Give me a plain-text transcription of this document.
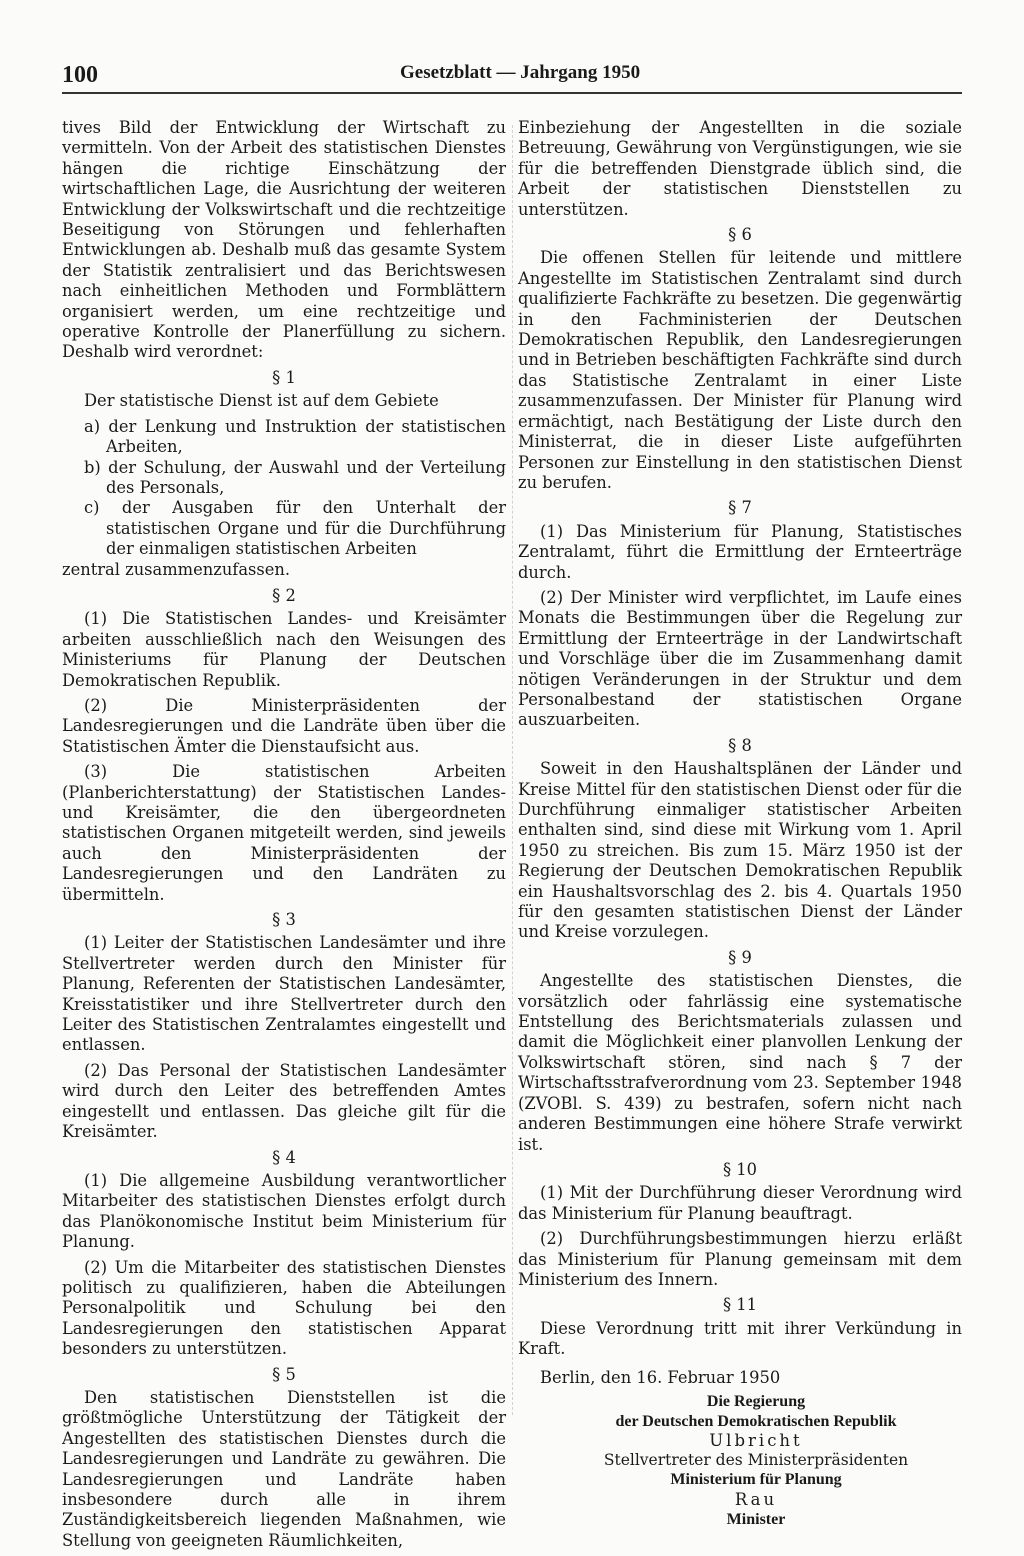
100	Gesetzblatt — Jahrgang 1950

tives Bild der Entwicklung der Wirtschaft zu vermitteln. Von der Arbeit des statistischen Dienstes hängen die richtige Einschätzung der wirtschaftlichen Lage, die Ausrichtung der weiteren Entwicklung der Volkswirtschaft und die rechtzeitige Beseitigung von Störungen und fehlerhaften Entwicklungen ab. Deshalb muß das gesamte System der Statistik zentralisiert und das Berichtswesen nach einheitlichen Methoden und Formblättern organisiert werden, um eine rechtzeitige und operative Kontrolle der Planerfüllung zu sichern. Deshalb wird verordnet:

§ 1

Der statistische Dienst ist auf dem Gebiete

a) der Lenkung und Instruktion der statistischen Arbeiten,
b) der Schulung, der Auswahl und der Verteilung des Personals,
c) der Ausgaben für den Unterhalt der statistischen Organe und für die Durchführung der einmaligen statistischen Arbeiten

zentral zusammenzufassen.

§ 2

(1) Die Statistischen Landes- und Kreisämter arbeiten ausschließlich nach den Weisungen des Ministeriums für Planung der Deutschen Demokratischen Republik.

(2) Die Ministerpräsidenten der Landesregierungen und die Landräte üben über die Statistischen Ämter die Dienstaufsicht aus.

(3) Die statistischen Arbeiten (Planberichterstattung) der Statistischen Landes- und Kreisämter, die den übergeordneten statistischen Organen mitgeteilt werden, sind jeweils auch den Ministerpräsidenten der Landesregierungen und den Landräten zu übermitteln.

§ 3

(1) Leiter der Statistischen Landesämter und ihre Stellvertreter werden durch den Minister für Planung, Referenten der Statistischen Landesämter, Kreisstatistiker und ihre Stellvertreter durch den Leiter des Statistischen Zentralamtes eingestellt und entlassen.

(2) Das Personal der Statistischen Landesämter wird durch den Leiter des betreffenden Amtes eingestellt und entlassen. Das gleiche gilt für die Kreisämter.

§ 4

(1) Die allgemeine Ausbildung verantwortlicher Mitarbeiter des statistischen Dienstes erfolgt durch das Planökonomische Institut beim Ministerium für Planung.

(2) Um die Mitarbeiter des statistischen Dienstes politisch zu qualifizieren, haben die Abteilungen Personalpolitik und Schulung bei den Landesregierungen den statistischen Apparat besonders zu unterstützen.

§ 5

Den statistischen Dienststellen ist die größtmögliche Unterstützung der Tätigkeit der Angestellten des statistischen Dienstes durch die Landesregierungen und Landräte zu gewähren. Die Landesregierungen und Landräte haben insbesondere durch alle in ihrem Zuständigkeitsbereich liegenden Maßnahmen, wie Stellung von geeigneten Räumlichkeiten,

Einbeziehung der Angestellten in die soziale Betreuung, Gewährung von Vergünstigungen, wie sie für die betreffenden Dienstgrade üblich sind, die Arbeit der statistischen Dienststellen zu unterstützen.

§ 6

Die offenen Stellen für leitende und mittlere Angestellte im Statistischen Zentralamt sind durch qualifizierte Fachkräfte zu besetzen. Die gegenwärtig in den Fachministerien der Deutschen Demokratischen Republik, den Landesregierungen und in Betrieben beschäftigten Fachkräfte sind durch das Statistische Zentralamt in einer Liste zusammenzufassen. Der Minister für Planung wird ermächtigt, nach Bestätigung der Liste durch den Ministerrat, die in dieser Liste aufgeführten Personen zur Einstellung in den statistischen Dienst zu berufen.

§ 7

(1) Das Ministerium für Planung, Statistisches Zentralamt, führt die Ermittlung der Ernteerträge durch.

(2) Der Minister wird verpflichtet, im Laufe eines Monats die Bestimmungen über die Regelung zur Ermittlung der Ernteerträge in der Landwirtschaft und Vorschläge über die im Zusammenhang damit nötigen Veränderungen in der Struktur und dem Personalbestand der statistischen Organe auszuarbeiten.

§ 8

Soweit in den Haushaltsplänen der Länder und Kreise Mittel für den statistischen Dienst oder für die Durchführung einmaliger statistischer Arbeiten enthalten sind, sind diese mit Wirkung vom 1. April 1950 zu streichen. Bis zum 15. März 1950 ist der Regierung der Deutschen Demokratischen Republik ein Haushaltsvorschlag des 2. bis 4. Quartals 1950 für den gesamten statistischen Dienst der Länder und Kreise vorzulegen.

§ 9

Angestellte des statistischen Dienstes, die vorsätzlich oder fahrlässig eine systematische Entstellung des Berichtsmaterials zulassen und damit die Möglichkeit einer planvollen Lenkung der Volkswirtschaft stören, sind nach § 7 der Wirtschaftsstrafverordnung vom 23. September 1948 (ZVOBl. S. 439) zu bestrafen, sofern nicht nach anderen Bestimmungen eine höhere Strafe verwirkt ist.

§ 10

(1) Mit der Durchführung dieser Verordnung wird das Ministerium für Planung beauftragt.

(2) Durchführungsbestimmungen hierzu erläßt das Ministerium für Planung gemeinsam mit dem Ministerium des Innern.

§ 11

Diese Verordnung tritt mit ihrer Verkündung in Kraft.

Berlin, den 16. Februar 1950

Die Regierung
der Deutschen Demokratischen Republik
Ulbricht
Stellvertreter des Ministerpräsidenten
Ministerium für Planung
Rau
Minister
